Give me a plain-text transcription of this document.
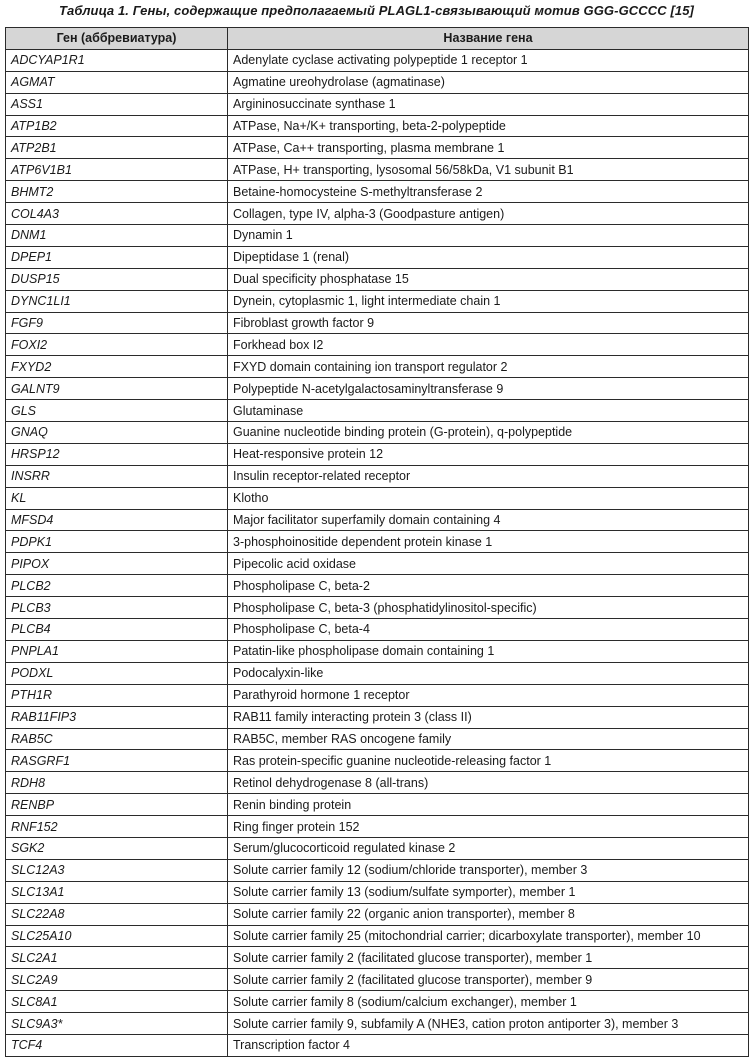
Таблица 1. Гены, содержащие предполагаемый PLAGL1-связывающий мотив GGG-GCCCC [15]
Ген (аббревиатура)	Название гена
ADCYAP1R1	Adenylate cyclase activating polypeptide 1 receptor 1
AGMAT	Agmatine ureohydrolase (agmatinase)
ASS1	Argininosuccinate synthase 1
ATP1B2	ATPase, Na+/K+ transporting, beta-2-polypeptide
ATP2B1	ATPase, Ca++ transporting, plasma membrane 1
ATP6V1B1	ATPase, H+ transporting, lysosomal 56/58kDa, V1 subunit B1
BHMT2	Betaine-homocysteine S-methyltransferase 2
COL4A3	Collagen, type IV, alpha-3 (Goodpasture antigen)
DNM1	Dynamin 1
DPEP1	Dipeptidase 1 (renal)
DUSP15	Dual specificity phosphatase 15
DYNC1LI1	Dynein, cytoplasmic 1, light intermediate chain 1
FGF9	Fibroblast growth factor 9
FOXI2	Forkhead box I2
FXYD2	FXYD domain containing ion transport regulator 2
GALNT9	Polypeptide N-acetylgalactosaminyltransferase 9
GLS	Glutaminase
GNAQ	Guanine nucleotide binding protein (G-protein), q-polypeptide
HRSP12	Heat-responsive protein 12
INSRR	Insulin receptor-related receptor
KL	Klotho
MFSD4	Major facilitator superfamily domain containing 4
PDPK1	3-phosphoinositide dependent protein kinase 1
PIPOX	Pipecolic acid oxidase
PLCB2	Phospholipase C, beta-2
PLCB3	Phospholipase C, beta-3 (phosphatidylinositol-specific)
PLCB4	Phospholipase C, beta-4
PNPLA1	Patatin-like phospholipase domain containing 1
PODXL	Podocalyxin-like
PTH1R	Parathyroid hormone 1 receptor
RAB11FIP3	RAB11 family interacting protein 3 (class II)
RAB5C	RAB5C, member RAS oncogene family
RASGRF1	Ras protein-specific guanine nucleotide-releasing factor 1
RDH8	Retinol dehydrogenase 8 (all-trans)
RENBP	Renin binding protein
RNF152	Ring finger protein 152
SGK2	Serum/glucocorticoid regulated kinase 2
SLC12A3	Solute carrier family 12 (sodium/chloride transporter), member 3
SLC13A1	Solute carrier family 13 (sodium/sulfate symporter), member 1
SLC22A8	Solute carrier family 22 (organic anion transporter), member 8
SLC25A10	Solute carrier family 25 (mitochondrial carrier; dicarboxylate transporter), member 10
SLC2A1	Solute carrier family 2 (facilitated glucose transporter), member 1
SLC2A9	Solute carrier family 2 (facilitated glucose transporter), member 9
SLC8A1	Solute carrier family 8 (sodium/calcium exchanger), member 1
SLC9A3*	Solute carrier family 9, subfamily A (NHE3, cation proton antiporter 3), member 3
TCF4	Transcription factor 4
